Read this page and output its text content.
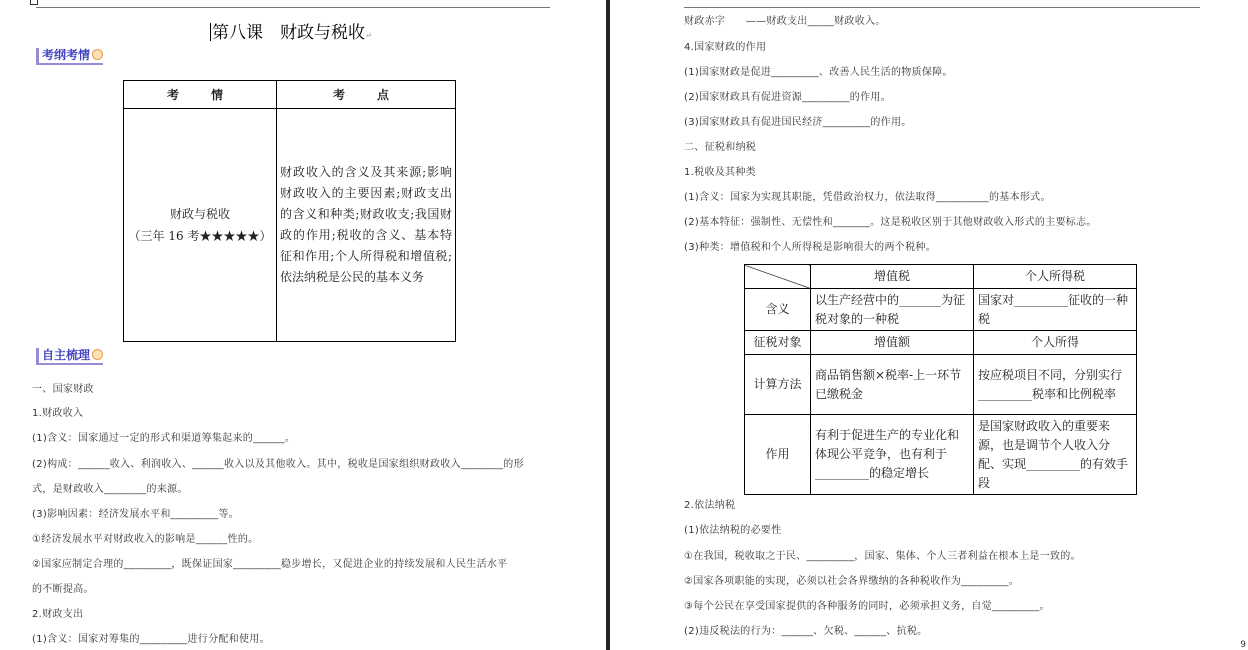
第八课　财政与税收↵
考纲考情
考　情	考　点

财政与税收
（三年 16 考★★★★★）	财政收入的含义及其来源;影响财政收入的主要因素;财政支出的含义和种类;财政收支;我国财政的作用;税收的含义、基本特征和作用;个人所得税和增值税;依法纳税是公民的基本义务
自主梳理
一、国家财政
1.财政收入
(1)含义：国家通过一定的形式和渠道筹集起来的______。
(2)构成：______收入、利润收入、______收入以及其他收入。其中，税收是国家组织财政收入________的形
式，是财政收入________的来源。
(3)影响因素：经济发展水平和_________等。
①经济发展水平对财政收入的影响是______性的。
②国家应制定合理的_________，既保证国家_________稳步增长，又促进企业的持续发展和人民生活水平
的不断提高。
2.财政支出
(1)含义：国家对筹集的_________进行分配和使用。
财政赤字　　——财政支出_____财政收入。
4.国家财政的作用
(1)国家财政是促进_________、改善人民生活的物质保障。
(2)国家财政具有促进资源_________的作用。
(3)国家财政具有促进国民经济_________的作用。
二、征税和纳税
1.税收及其种类
(1)含义：国家为实现其职能，凭借政治权力，依法取得__________的基本形式。
(2)基本特征：强制性、无偿性和_______。这是税收区别于其他财政收入形式的主要标志。
(3)种类：增值税和个人所得税是影响很大的两个税种。
2.依法纳税
(1)依法纳税的必要性
①在我国，税收取之于民、_________，国家、集体、个人三者利益在根本上是一致的。
②国家各项职能的实现，必须以社会各界缴纳的各种税收作为_________。
③每个公民在享受国家提供的各种服务的同时，必须承担义务，自觉_________。
(2)违反税法的行为：______、欠税、______、抗税。
9
	增值税	个人所得税
含义	以生产经营中的_______为征税对象的一种税	国家对_________征收的一种税
征税对象	增值额	个人所得
计算方法	商品销售额×税率-上一环节已缴税金	按应税项目不同，分别实行_________税率和比例税率
作用	有利于促进生产的专业化和体现公平竞争，也有利于_________的稳定增长	是国家财政收入的重要来源，也是调节个人收入分配、实现_________的有效手段
